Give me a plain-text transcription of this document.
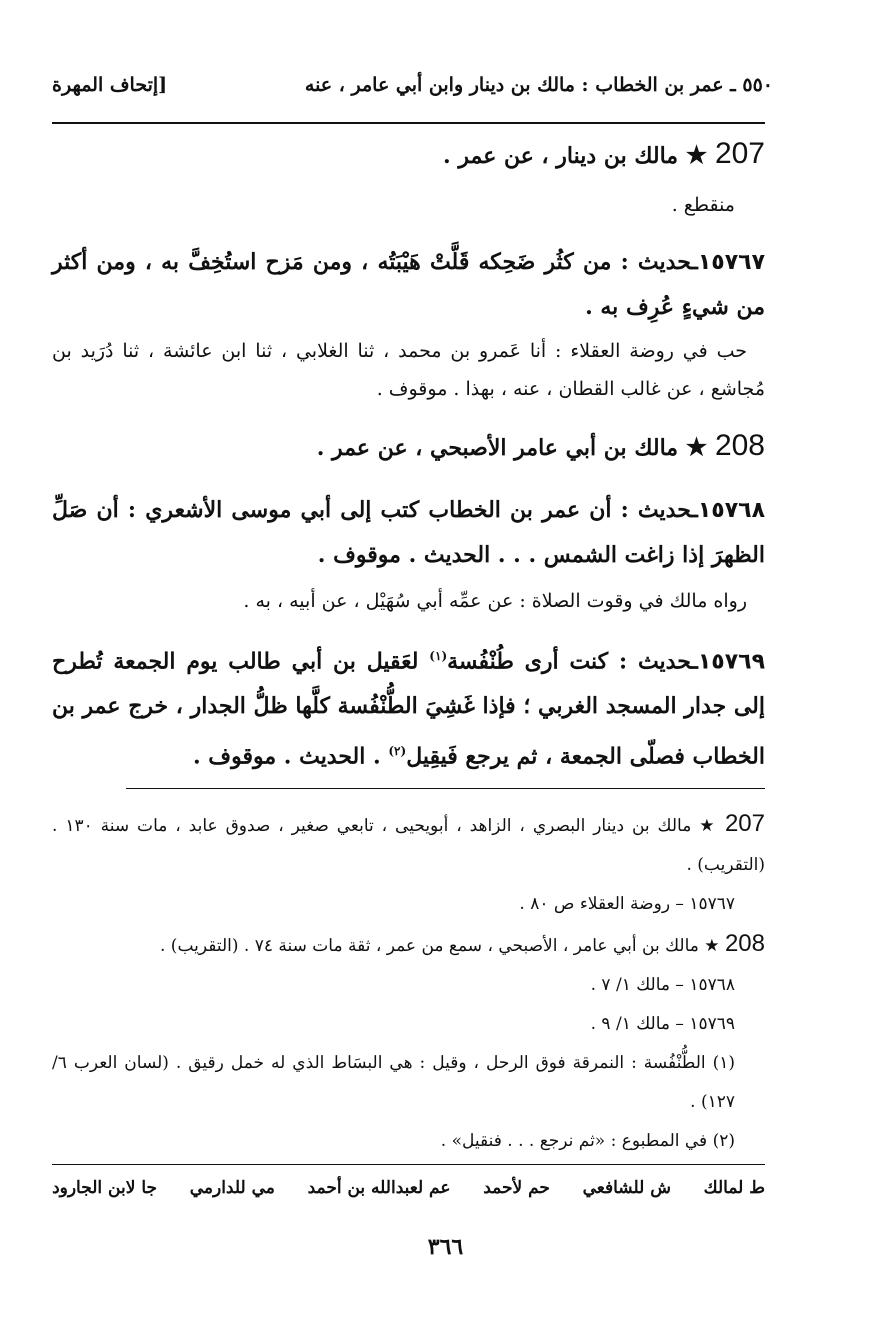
٥٥٠ ـ عمر بن الخطاب : مالك بن دينار وابن أبي عامر ، عنه
[إتحاف المهرة
207 ★ مالك بن دينار ، عن عمر .
منقطع .
١٥٧٦٧ـحديث : من كثُر ضَحِكه قَلَّتْ هَيْبَتُه ، ومن مَزح استُخِفَّ به ، ومن أكثر من شيءٍ عُرِف به .
حب في روضة العقلاء : أنا عَمرو بن محمد ، ثنا الغلابي ، ثنا ابن عائشة ، ثنا دُرَيد بن مُجاشع ، عن غالب القطان ، عنه ، بهذا . موقوف .
208 ★ مالك بن أبي عامر الأصبحي ، عن عمر .
١٥٧٦٨ـحديث : أن عمر بن الخطاب كتب إلى أبي موسى الأشعري : أن صَلِّ الظهرَ إذا زاغت الشمس . . . الحديث . موقوف .
رواه مالك في وقوت الصلاة : عن عمِّه أبي سُهَيْل ، عن أبيه ، به .
١٥٧٦٩ـحديث : كنت أرى طُنْفُسة$^{(١)}$ لعَقيل بن أبي طالب يوم الجمعة تُطرح إلى جدار المسجد الغربي ؛ فإذا غَشِيَ الطُّنْفُسة كلَّها ظلُّ الجدار ، خرج عمر بن الخطاب فصلّى الجمعة ، ثم يرجع فَيقِيل$^{(٢)}$ . الحديث . موقوف .
207 ★ مالك بن دينار البصري ، الزاهد ، أبويحيى ، تابعي صغير ، صدوق عابد ، مات سنة ١٣٠ . (التقريب) .
١٥٧٦٧ – روضة العقلاء ص ٨٠ .
208 ★ مالك بن أبي عامر ، الأصبحي ، سمع من عمر ، ثقة مات سنة ٧٤ . (التقريب) .
١٥٧٦٨ – مالك ١/ ٧ .
١٥٧٦٩ – مالك ١/ ٩ .
(١) الطُّنْفُسة : النمرقة فوق الرحل ، وقيل : هي البسَاط الذي له خمل رقيق . (لسان العرب ٦/ ١٢٧) .
(٢) في المطبوع : «ثم نرجع . . . فنقيل» .
ط لمالك
ش للشافعي
حم لأحمد
عم لعبدالله بن أحمد
مي للدارمي
جا لابن الجارود
٣٦٦
